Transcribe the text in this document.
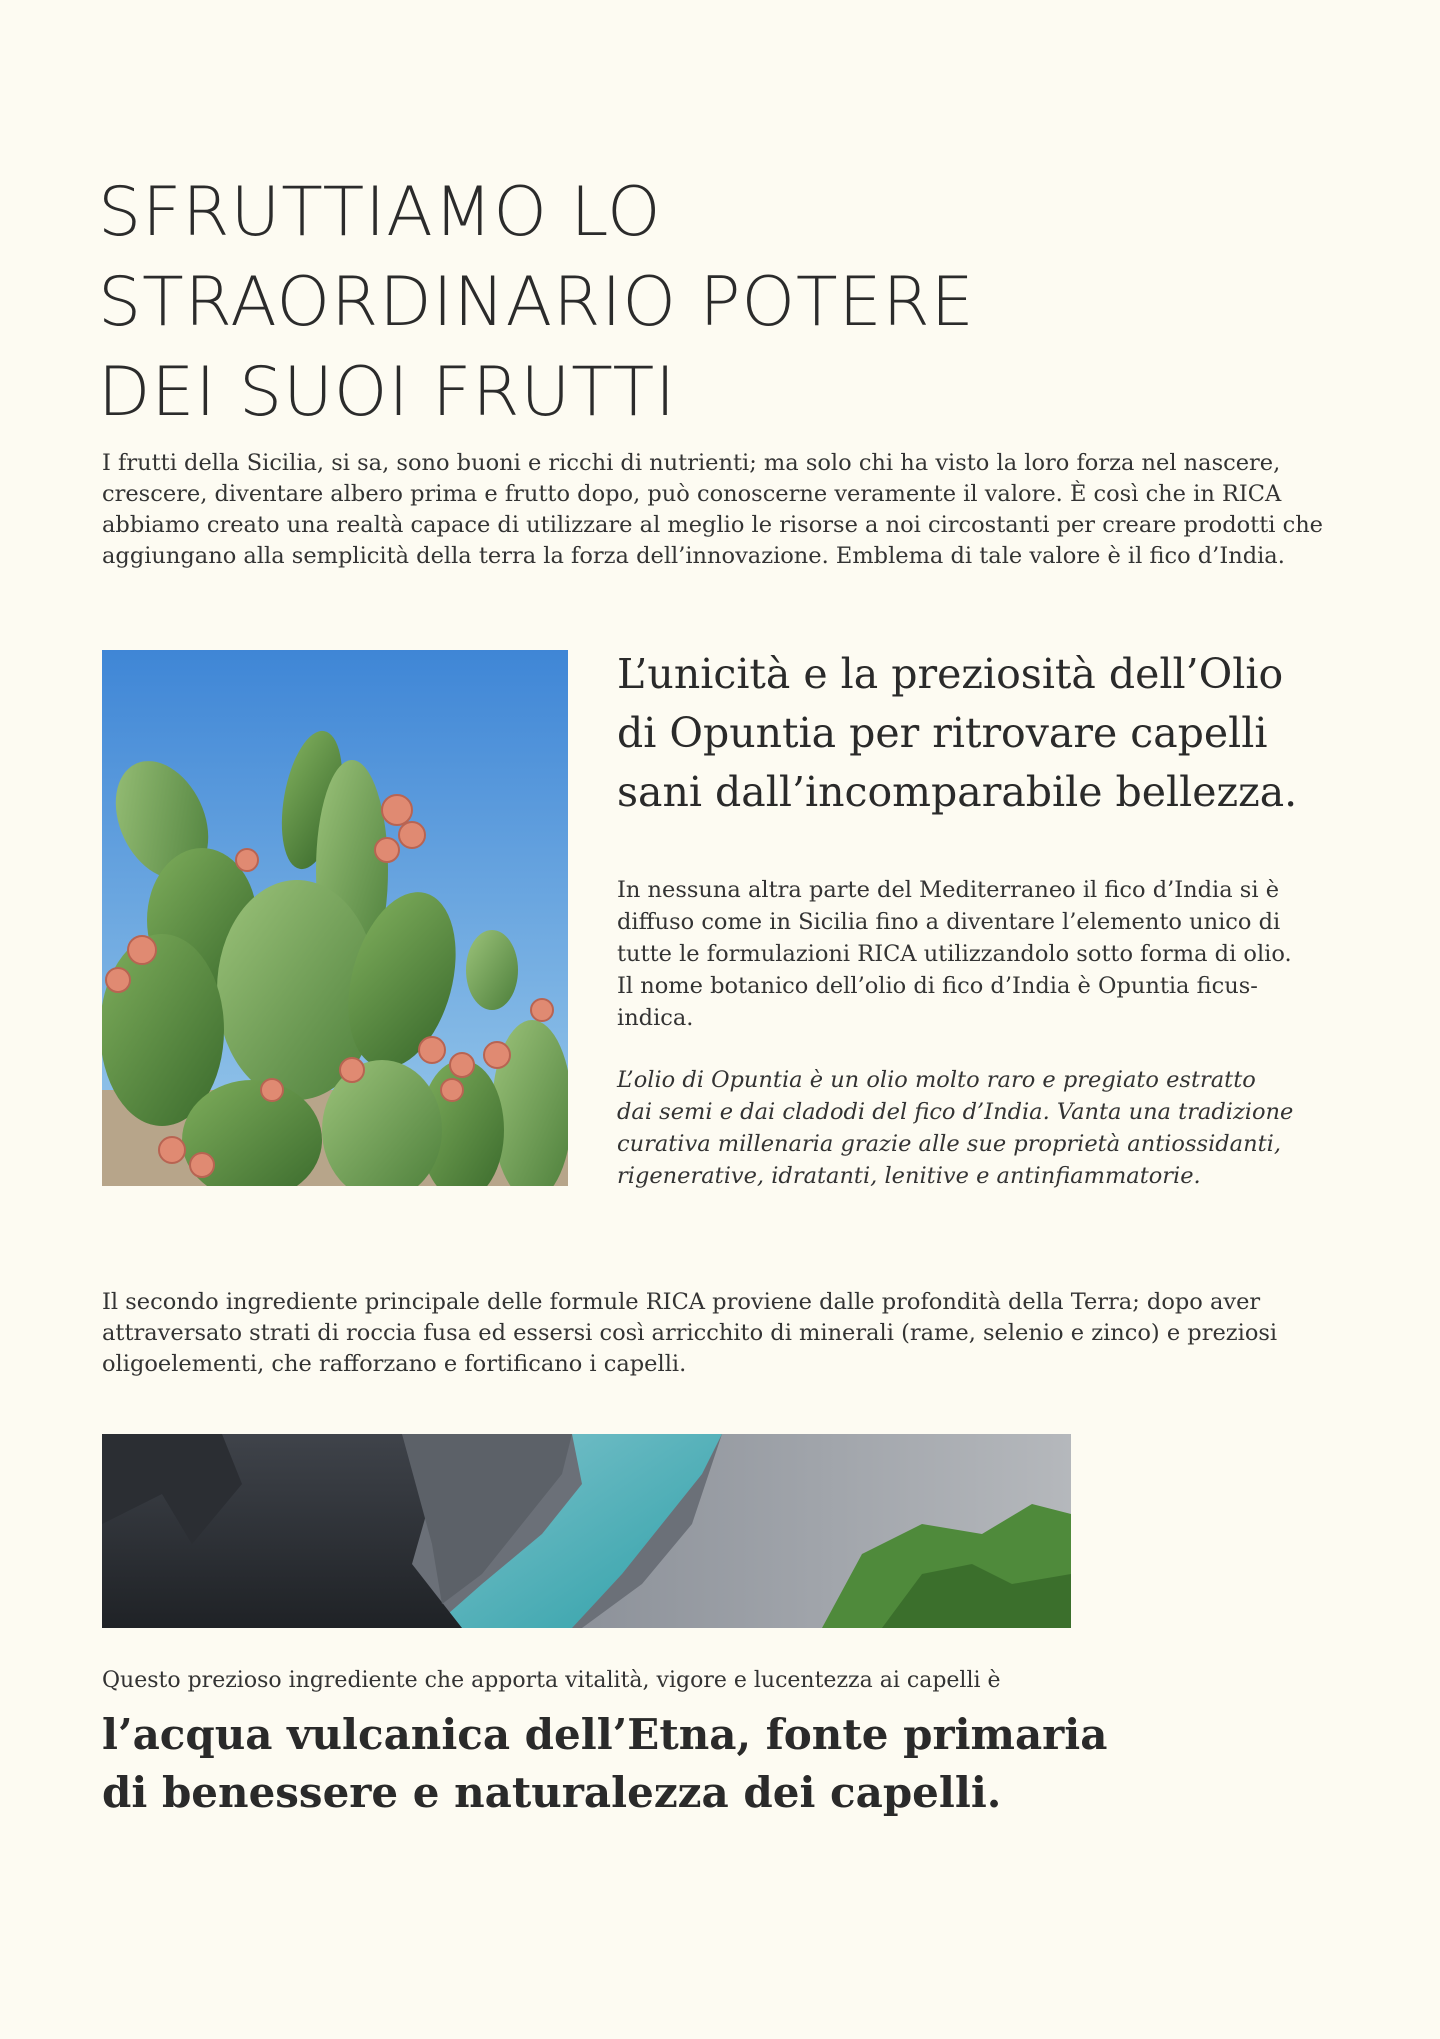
SFRUTTIAMO LO
STRAORDINARIO POTERE
DEI SUOI FRUTTI

I frutti della Sicilia, si sa, sono buoni e ricchi di nutrienti; ma solo chi ha visto la loro forza nel nascere, crescere, diventare albero prima e frutto dopo, può conoscerne veramente il valore. È così che in RICA abbiamo creato una realtà capace di utilizzare al meglio le risorse a noi circostanti per creare prodotti che aggiungano alla semplicità della terra la forza dell’innovazione. Emblema di tale valore è il fico d’India.

L’unicità e la preziosità dell’Olio
di Opuntia per ritrovare capelli
sani dall’incomparabile bellezza.

In nessuna altra parte del Mediterraneo il fico d’India si è
diffuso come in Sicilia fino a diventare l’elemento unico di
tutte le formulazioni RICA utilizzandolo sotto forma di olio.
Il nome botanico dell’olio di fico d’India è Opuntia ficus-
indica.

L’olio di Opuntia è un olio molto raro e pregiato estratto
dai semi e dai cladodi del fico d’India. Vanta una tradizione
curativa millenaria grazie alle sue proprietà antiossidanti,
rigenerative, idratanti, lenitive e antinfiammatorie.

Il secondo ingrediente principale delle formule RICA proviene dalle profondità della Terra; dopo aver
attraversato strati di roccia fusa ed essersi così arricchito di minerali (rame, selenio e zinco) e preziosi
oligoelementi, che rafforzano e fortificano i capelli.

Questo prezioso ingrediente che apporta vitalità, vigore e lucentezza ai capelli è

l’acqua vulcanica dell’Etna, fonte primaria
di benessere e naturalezza dei capelli.
